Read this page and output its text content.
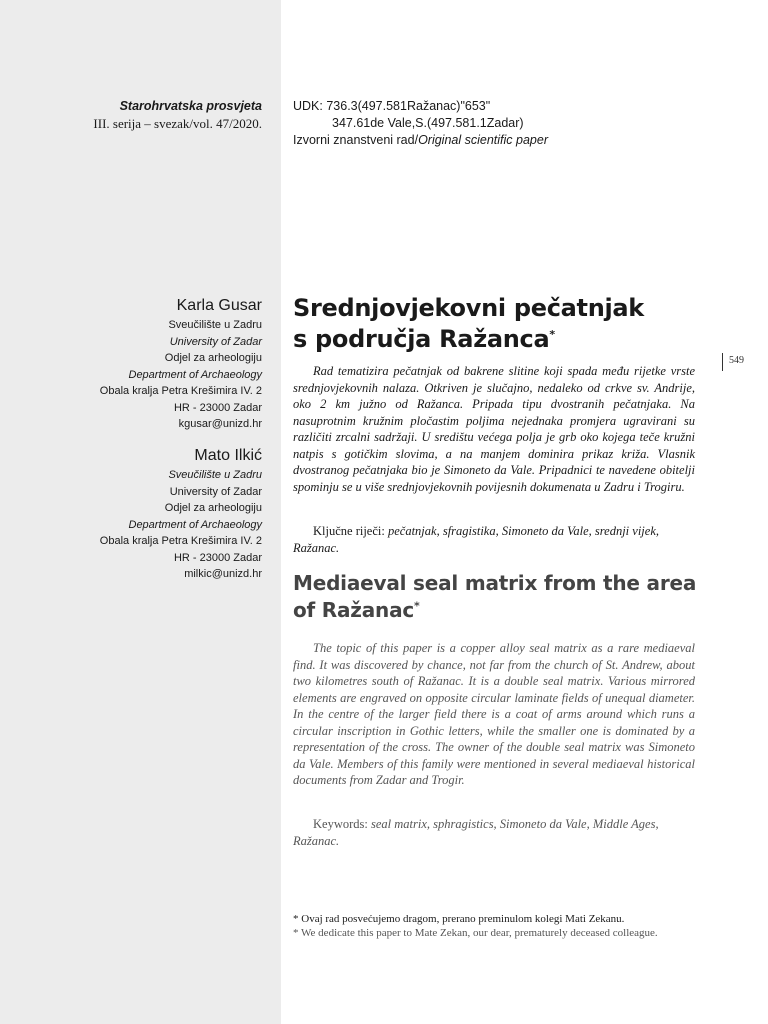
Starohrvatska prosvjeta
III. serija – svezak/vol. 47/2020.
UDK: 736.3(497.581Ražanac)"653"
347.61de Vale,S.(497.581.1Zadar)
Izvorni znanstveni rad/Original scientific paper
Karla Gusar
Sveučilište u Zadru
University of Zadar
Odjel za arheologiju
Department of Archaeology
Obala kralja Petra Krešimira IV. 2
HR - 23000 Zadar
kgusar@unizd.hr
Mato Ilkić
Sveučilište u Zadru
University of Zadar
Odjel za arheologiju
Department of Archaeology
Obala kralja Petra Krešimira IV. 2
HR - 23000 Zadar
milkic@unizd.hr
Srednjovjekovni pečatnjak
s područja Ražanca*
549

Rad tematizira pečatnjak od bakrene slitine koji spada među rijetke vrste srednjovjekovnih nalaza. Otkriven je slučajno, nedaleko od crkve sv. Andrije, oko 2 km južno od Ražanca. Pripada tipu dvostranih pečatnjaka. Na nasuprotnim kružnim pločastim poljima nejednaka promjera ugravirani su različiti zrcalni sadržaji. U središtu većega polja je grb oko kojega teče kružni natpis s gotičkim slovima, a na manjem dominira prikaz križa. Vlasnik dvostranog pečatnjaka bio je Simoneto da Vale. Pripadnici te navedene obitelji spominju se u više srednjovjekovnih povijesnih dokumenata u Zadru i Trogiru.

Ključne riječi: pečatnjak, sfragistika, Simoneto da Vale, srednji vijek, Ražanac.

Mediaeval seal matrix from the area
of Ražanac*

The topic of this paper is a copper alloy seal matrix as a rare mediaeval find. It was discovered by chance, not far from the church of St. Andrew, about two kilometres south of Ražanac. It is a double seal matrix. Various mirrored elements are engraved on opposite circular laminate fields of unequal diameter. In the centre of the larger field there is a coat of arms around which runs a circular inscription in Gothic letters, while the smaller one is dominated by a representation of the cross. The owner of the double seal matrix was Simoneto da Vale. Members of this family were mentioned in several mediaeval historical documents from Zadar and Trogir.

Keywords: seal matrix, sphragistics, Simoneto da Vale, Middle Ages, Ražanac.

* Ovaj rad posvećujemo dragom, prerano preminulom kolegi Mati Zekanu.
* We dedicate this paper to Mate Zekan, our dear, prematurely deceased colleague.
